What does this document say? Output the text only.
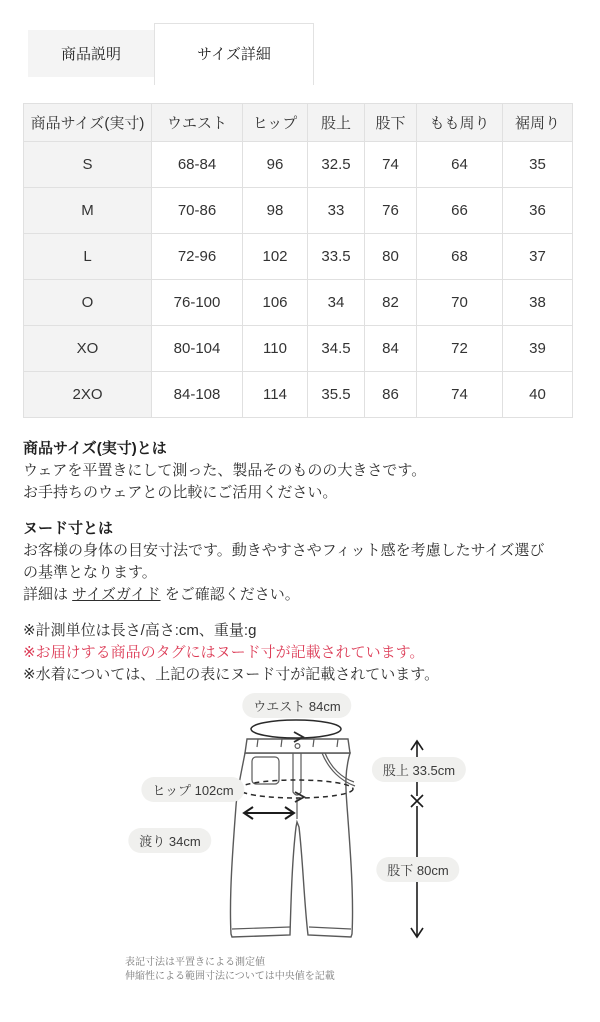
商品説明	サイズ詳細
商品サイズ(実寸)	ウエスト	ヒップ	股上	股下	もも周り	裾周り
S	68-84	96	32.5	74	64	35
M	70-86	98	33	76	66	36
L	72-96	102	33.5	80	68	37
O	76-100	106	34	82	70	38
XO	80-104	110	34.5	84	72	39
2XO	84-108	114	35.5	86	74	40
商品サイズ(実寸)とは
ウェアを平置きにして測った、製品そのものの大きさです。
お手持ちのウェアとの比較にご活用ください。
ヌード寸とは
お客様の身体の目安寸法です。動きやすさやフィット感を考慮したサイズ選び
の基準となります。
詳細は サイズガイド をご確認ください。
※計測単位は長さ/高さ:cm、重量:g
※お届けする商品のタグにはヌード寸が記載されています。
※水着については、上記の表にヌード寸が記載されています。
ウエスト 84cm
ヒップ 102cm
渡り 34cm
股上 33.5cm
股下 80cm
表記寸法は平置きによる測定値
伸縮性による範囲寸法については中央値を記載
